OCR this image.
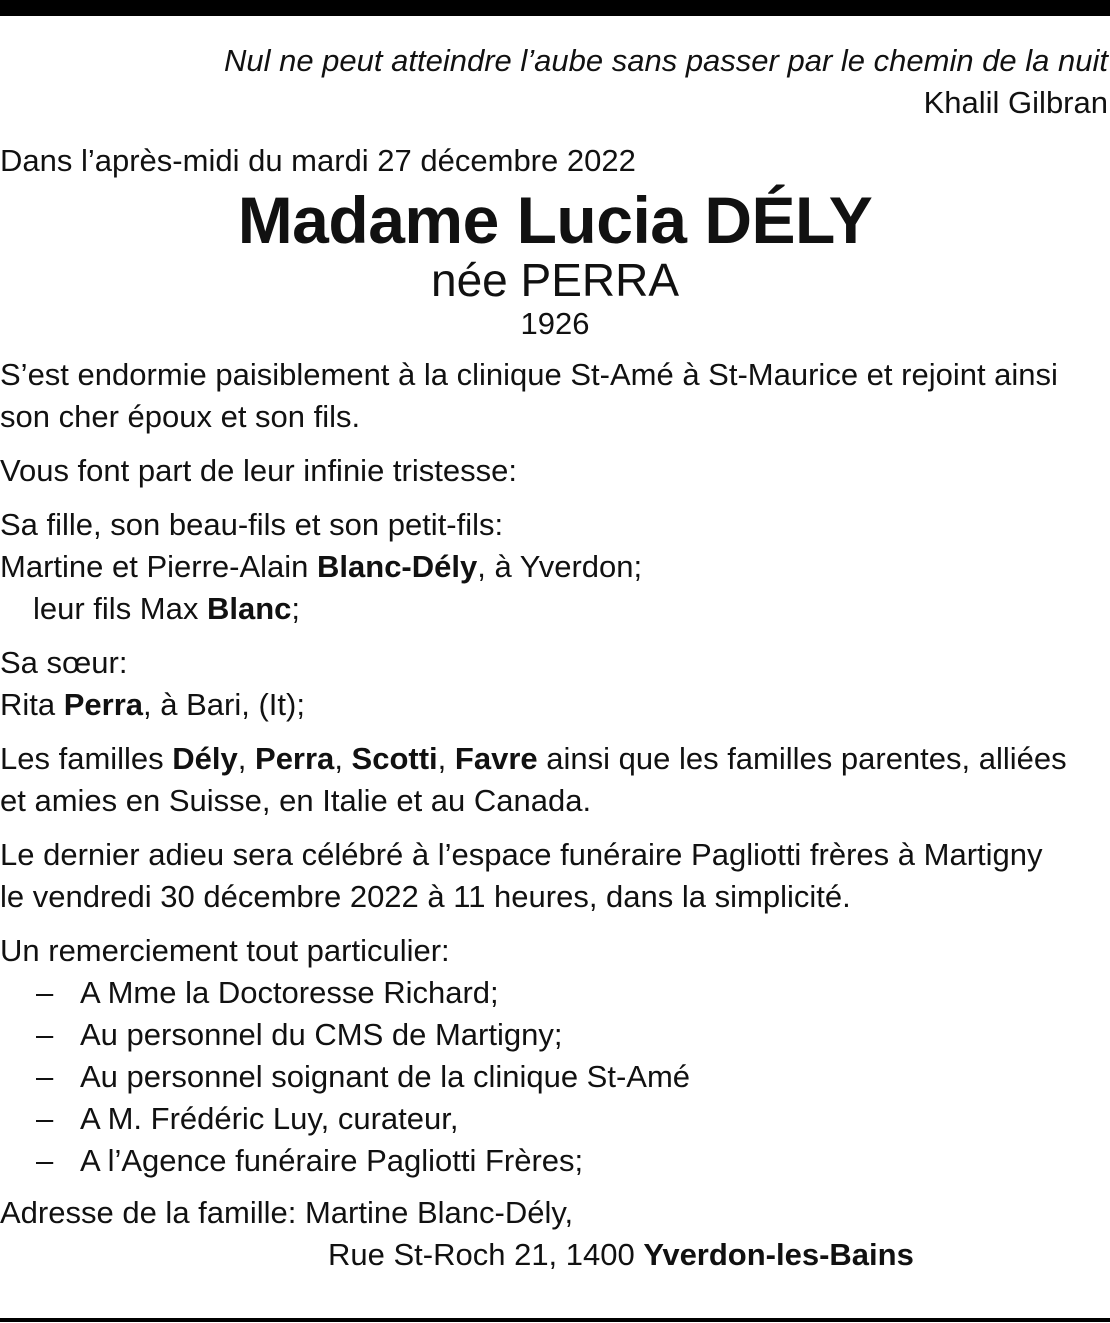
Nul ne peut atteindre l’aube sans passer par le chemin de la nuit
Khalil Gilbran
Dans l’après-midi du mardi 27 décembre 2022
Madame Lucia DÉLY
née PERRA
1926

S’est endormie paisiblement à la clinique St-Amé à St-Maurice et rejoint ainsi son cher époux et son fils.

Vous font part de leur infinie tristesse:

Sa fille, son beau-fils et son petit-fils:
Martine et Pierre-Alain Blanc-Dély, à Yverdon;
leur fils Max Blanc;
Sa sœur:
Rita Perra, à Bari, (It);
Les familles Dély, Perra, Scotti, Favre ainsi que les familles parentes, alliées
et amies en Suisse, en Italie et au Canada.
Le dernier adieu sera célébré à l’espace funéraire Pagliotti frères à Martigny
le vendredi 30 décembre 2022 à 11 heures, dans la simplicité.
Un remerciement tout particulier:
– A Mme la Doctoresse Richard;
– Au personnel du CMS de Martigny;
– Au personnel soignant de la clinique St-Amé
– A M. Frédéric Luy, curateur,
– A l’Agence funéraire Pagliotti Frères;
Adresse de la famille: Martine Blanc-Dély,
Rue St-Roch 21, 1400 Yverdon-les-Bains
